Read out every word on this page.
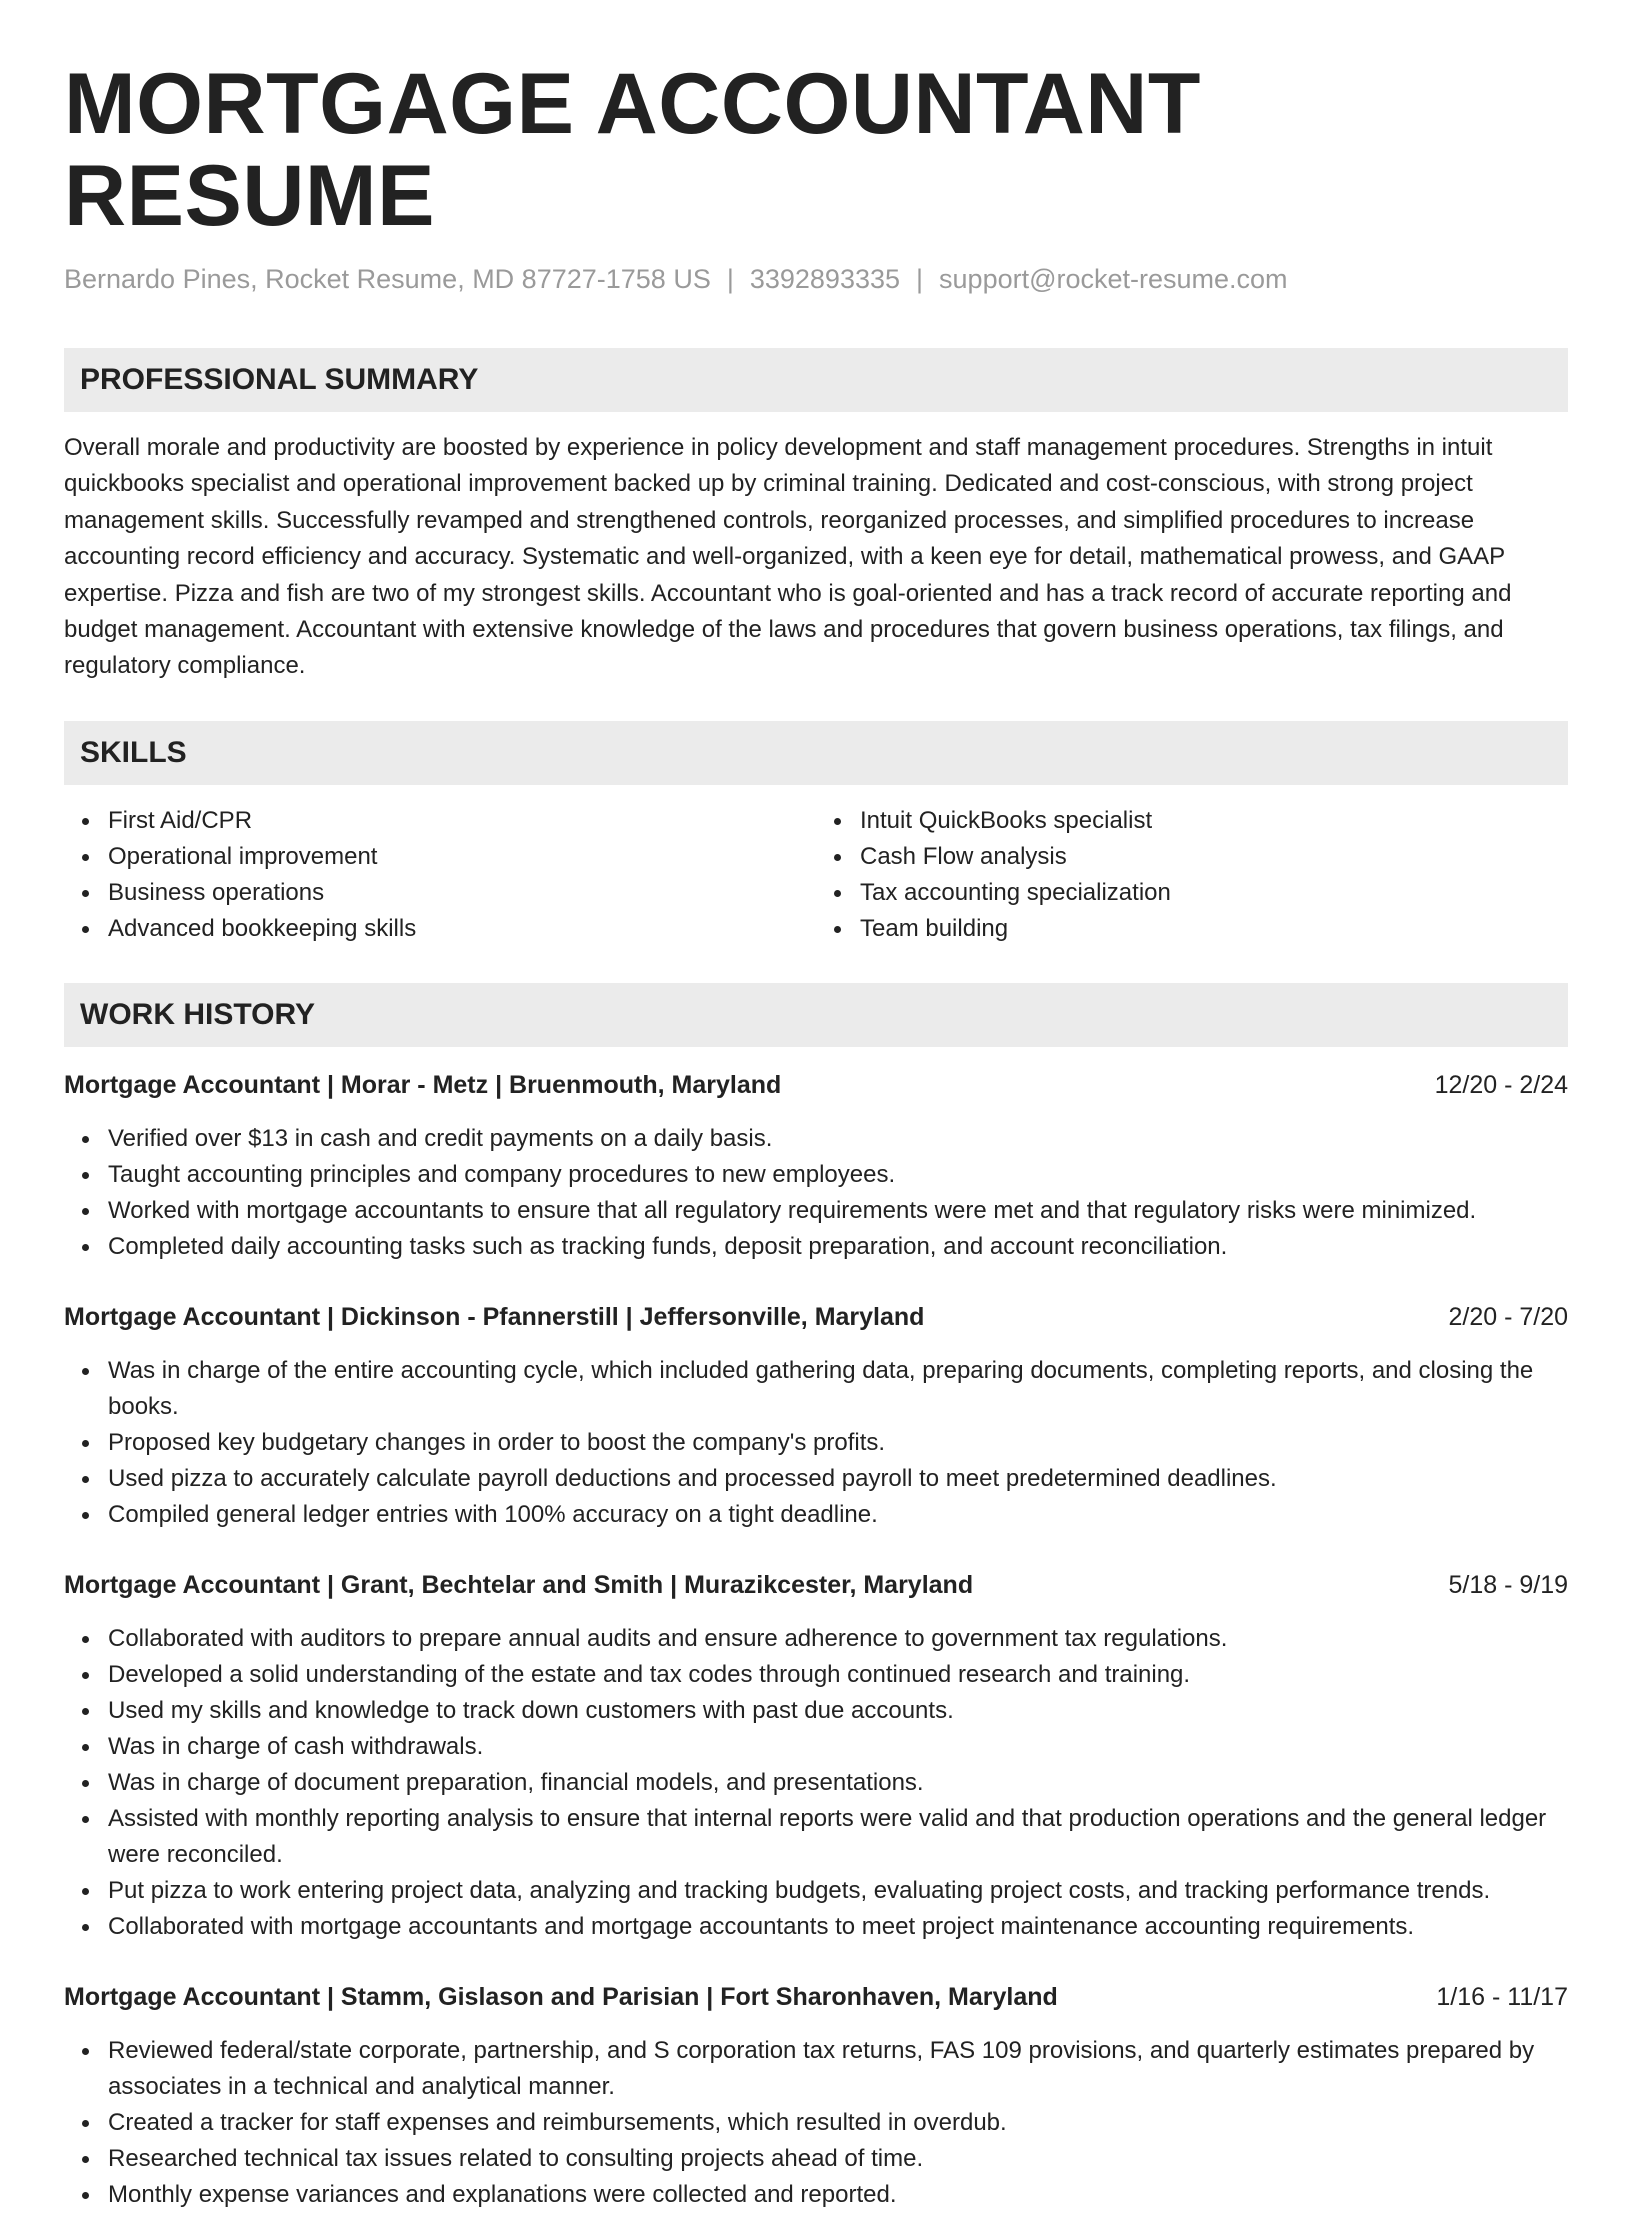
MORTGAGE ACCOUNTANT RESUME
Bernardo Pines, Rocket Resume, MD 87727-1758 US | 3392893335 | support@rocket-resume.com
PROFESSIONAL SUMMARY

Overall morale and productivity are boosted by experience in policy development and staff management procedures. Strengths in intuit quickbooks specialist and operational improvement backed up by criminal training. Dedicated and cost-conscious, with strong project management skills. Successfully revamped and strengthened controls, reorganized processes, and simplified procedures to increase accounting record efficiency and accuracy. Systematic and well-organized, with a keen eye for detail, mathematical prowess, and GAAP expertise. Pizza and fish are two of my strongest skills. Accountant who is goal-oriented and has a track record of accurate reporting and budget management. Accountant with extensive knowledge of the laws and procedures that govern business operations, tax filings, and regulatory compliance.

SKILLS
First Aid/CPR
Operational improvement
Business operations
Advanced bookkeeping skills
Intuit QuickBooks specialist
Cash Flow analysis
Tax accounting specialization
Team building
WORK HISTORY
Mortgage Accountant | Morar - Metz | Bruenmouth, Maryland	12/20 - 2/24
Verified over $13 in cash and credit payments on a daily basis.
Taught accounting principles and company procedures to new employees.
Worked with mortgage accountants to ensure that all regulatory requirements were met and that regulatory risks were minimized.
Completed daily accounting tasks such as tracking funds, deposit preparation, and account reconciliation.
Mortgage Accountant | Dickinson - Pfannerstill | Jeffersonville, Maryland	2/20 - 7/20
Was in charge of the entire accounting cycle, which included gathering data, preparing documents, completing reports, and closing the books.
Proposed key budgetary changes in order to boost the company's profits.
Used pizza to accurately calculate payroll deductions and processed payroll to meet predetermined deadlines.
Compiled general ledger entries with 100% accuracy on a tight deadline.
Mortgage Accountant | Grant, Bechtelar and Smith | Murazikcester, Maryland	5/18 - 9/19
Collaborated with auditors to prepare annual audits and ensure adherence to government tax regulations.
Developed a solid understanding of the estate and tax codes through continued research and training.
Used my skills and knowledge to track down customers with past due accounts.
Was in charge of cash withdrawals.
Was in charge of document preparation, financial models, and presentations.
Assisted with monthly reporting analysis to ensure that internal reports were valid and that production operations and the general ledger were reconciled.
Put pizza to work entering project data, analyzing and tracking budgets, evaluating project costs, and tracking performance trends.
Collaborated with mortgage accountants and mortgage accountants to meet project maintenance accounting requirements.
Mortgage Accountant | Stamm, Gislason and Parisian | Fort Sharonhaven, Maryland	1/16 - 11/17
Reviewed federal/state corporate, partnership, and S corporation tax returns, FAS 109 provisions, and quarterly estimates prepared by associates in a technical and analytical manner.
Created a tracker for staff expenses and reimbursements, which resulted in overdub.
Researched technical tax issues related to consulting projects ahead of time.
Monthly expense variances and explanations were collected and reported.
